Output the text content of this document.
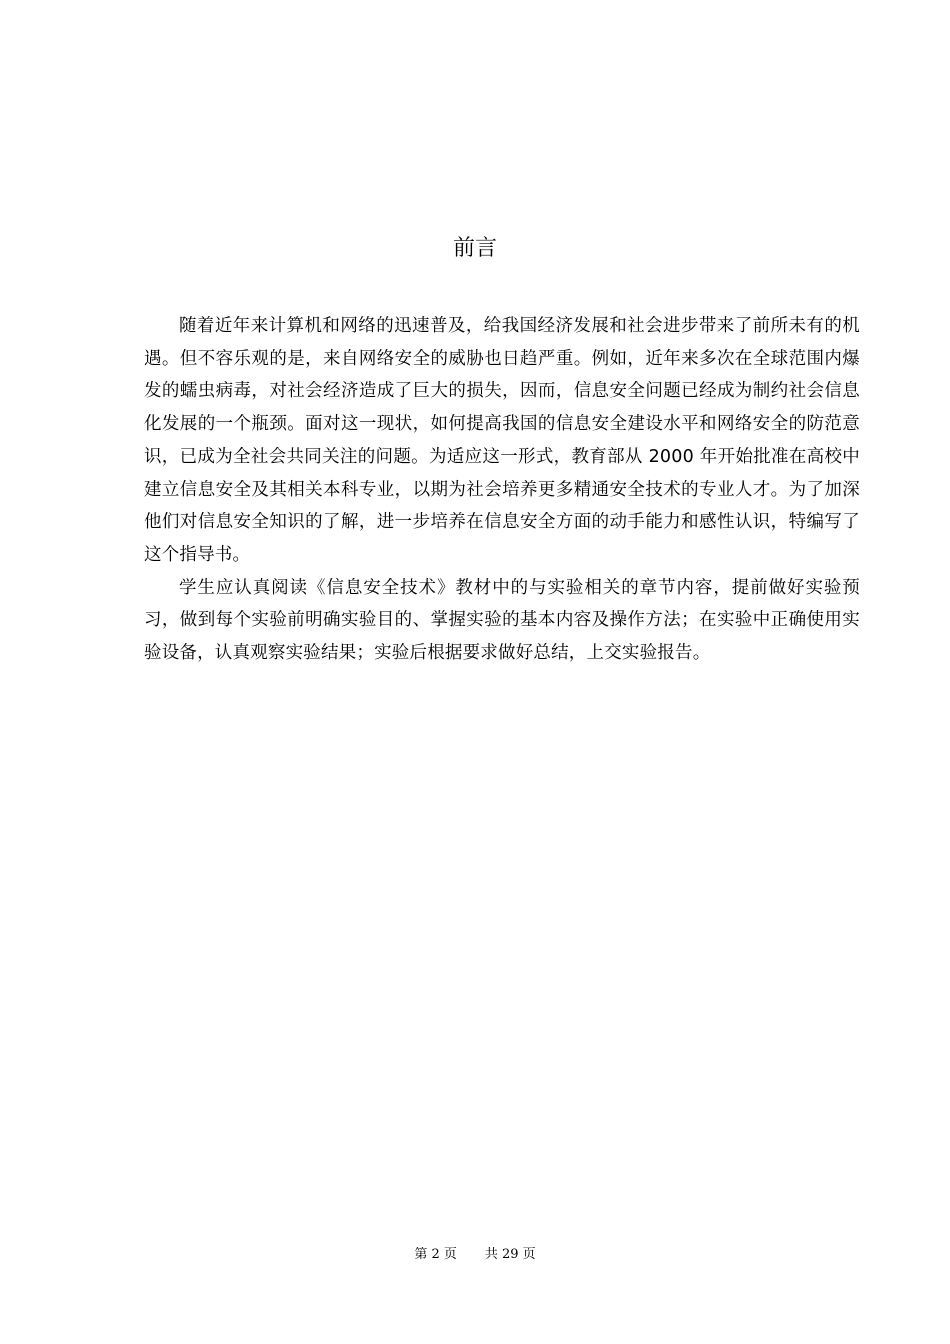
前言

随着近年来计算机和网络的迅速普及，给我国经济发展和社会进步带来了前所未有的机遇。但不容乐观的是，来自网络安全的威胁也日趋严重。例如，近年来多次在全球范围内爆发的蠕虫病毒，对社会经济造成了巨大的损失，因而，信息安全问题已经成为制约社会信息化发展的一个瓶颈。面对这一现状，如何提高我国的信息安全建设水平和网络安全的防范意识，已成为全社会共同关注的问题。为适应这一形式，教育部从 2000 年开始批准在高校中建立信息安全及其相关本科专业，以期为社会培养更多精通安全技术的专业人才。为了加深他们对信息安全知识的了解，进一步培养在信息安全方面的动手能力和感性认识，特编写了这个指导书。

学生应认真阅读《信息安全技术》教材中的与实验相关的章节内容，提前做好实验预习，做到每个实验前明确实验目的、掌握实验的基本内容及操作方法；在实验中正确使用实验设备，认真观察实验结果；实验后根据要求做好总结，上交实验报告。

第 2 页 共 29 页
